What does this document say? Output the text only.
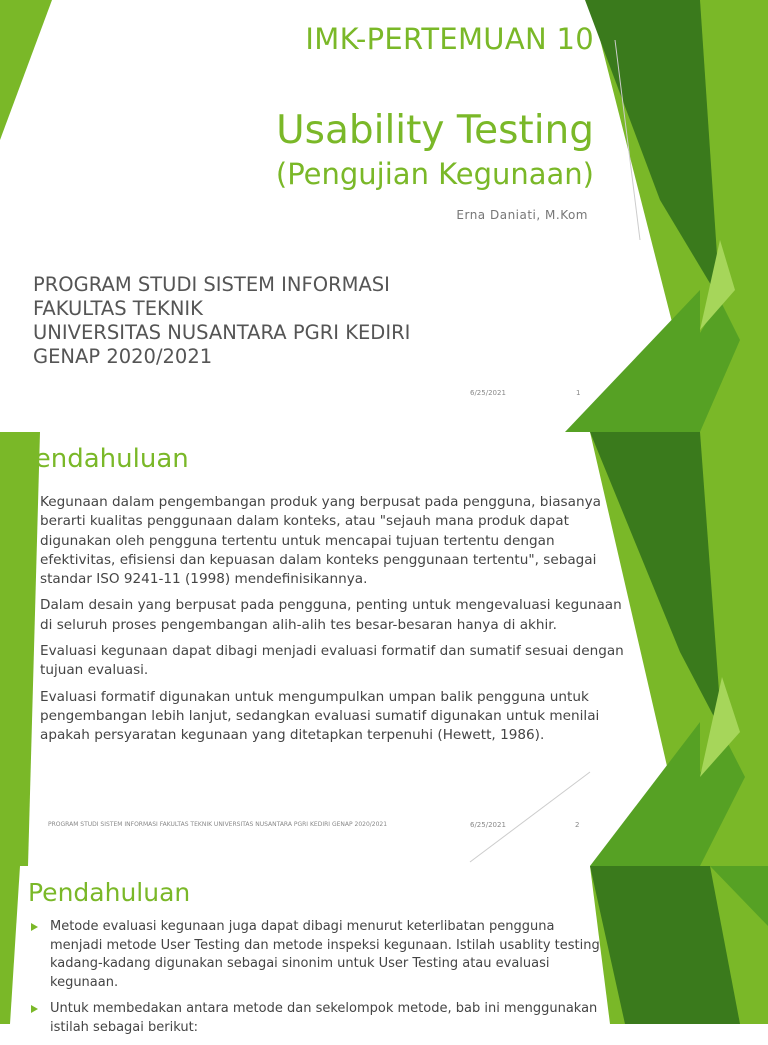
IMK-PERTEMUAN 10
Usability Testing
(Pengujian Kegunaan)
Erna Daniati, M.Kom
PROGRAM STUDI SISTEM INFORMASI
FAKULTAS TEKNIK
UNIVERSITAS NUSANTARA PGRI KEDIRI
GENAP 2020/2021
6/25/2021	1
Pendahuluan
Kegunaan dalam pengembangan produk yang berpusat pada pengguna, biasanya berarti kualitas penggunaan dalam konteks, atau "sejauh mana produk dapat digunakan oleh pengguna tertentu untuk mencapai tujuan tertentu dengan efektivitas, efisiensi dan kepuasan dalam konteks penggunaan tertentu", sebagai standar ISO 9241-11 (1998) mendefinisikannya.
Dalam desain yang berpusat pada pengguna, penting untuk mengevaluasi kegunaan di seluruh proses pengembangan alih-alih tes besar-besaran hanya di akhir.
Evaluasi kegunaan dapat dibagi menjadi evaluasi formatif dan sumatif sesuai dengan tujuan evaluasi.
Evaluasi formatif digunakan untuk mengumpulkan umpan balik pengguna untuk pengembangan lebih lanjut, sedangkan evaluasi sumatif digunakan untuk menilai apakah persyaratan kegunaan yang ditetapkan terpenuhi (Hewett, 1986).
PROGRAM STUDI SISTEM INFORMASI FAKULTAS TEKNIK UNIVERSITAS NUSANTARA PGRI KEDIRI GENAP 2020/2021	6/25/2021	2
Pendahuluan
Metode evaluasi kegunaan juga dapat dibagi menurut keterlibatan pengguna menjadi metode User Testing dan metode inspeksi kegunaan. Istilah usablity testing kadang-kadang digunakan sebagai sinonim untuk User Testing atau evaluasi kegunaan.
Untuk membedakan antara metode dan sekelompok metode, bab ini menggunakan istilah sebagai berikut:
